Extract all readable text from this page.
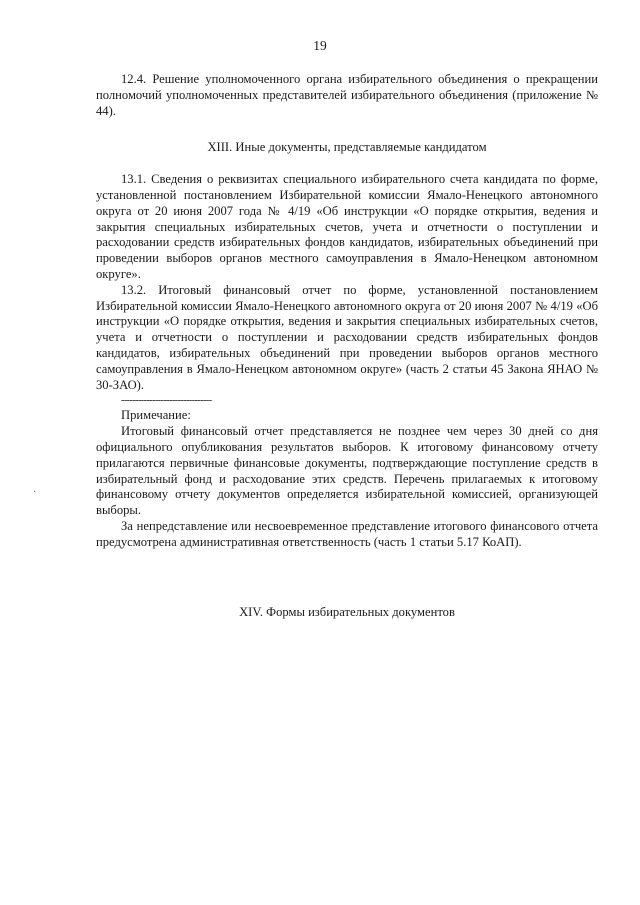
19
·

12.4. Решение уполномоченного органа избирательного объединения о прекращении полномочий уполномоченных представителей избирательного объединения (приложение № 44).

XIII. Иные документы, представляемые кандидатом

13.1. Сведения о реквизитах специального избирательного счета кандидата по форме, установленной постановлением Избирательной комиссии Ямало-Ненецкого автономного округа от 20 июня 2007 года № 4/19 «Об инструкции «О порядке открытия, ведения и закрытия специальных избирательных счетов, учета и отчетности о поступлении и расходовании средств избирательных фондов кандидатов, избирательных объединений при проведении выборов органов местного самоуправления в Ямало-Ненецком автономном округе».

13.2. Итоговый финансовый отчет по форме, установленной постановлением Избирательной комиссии Ямало-Ненецкого автономного округа от 20 июня 2007 № 4/19 «Об инструкции «О порядке открытия, ведения и закрытия специальных избирательных счетов, учета и отчетности о поступлении и расходовании средств избирательных фондов кандидатов, избирательных объединений при проведении выборов органов местного самоуправления в Ямало-Ненецком автономном округе» (часть 2 статьи 45 Закона ЯНАО № 30-ЗАО).

--------------------------------

Примечание:

Итоговый финансовый отчет представляется не позднее чем через 30 дней со дня официального опубликования результатов выборов. К итоговому финансовому отчету прилагаются первичные финансовые документы, подтверждающие поступление средств в избирательный фонд и расходование этих средств. Перечень прилагаемых к итоговому финансовому отчету документов определяется избирательной комиссией, организующей выборы.

За непредставление или несвоевременное представление итогового финансового отчета предусмотрена административная ответственность (часть 1 статьи 5.17 КоАП).

XIV. Формы избирательных документов
